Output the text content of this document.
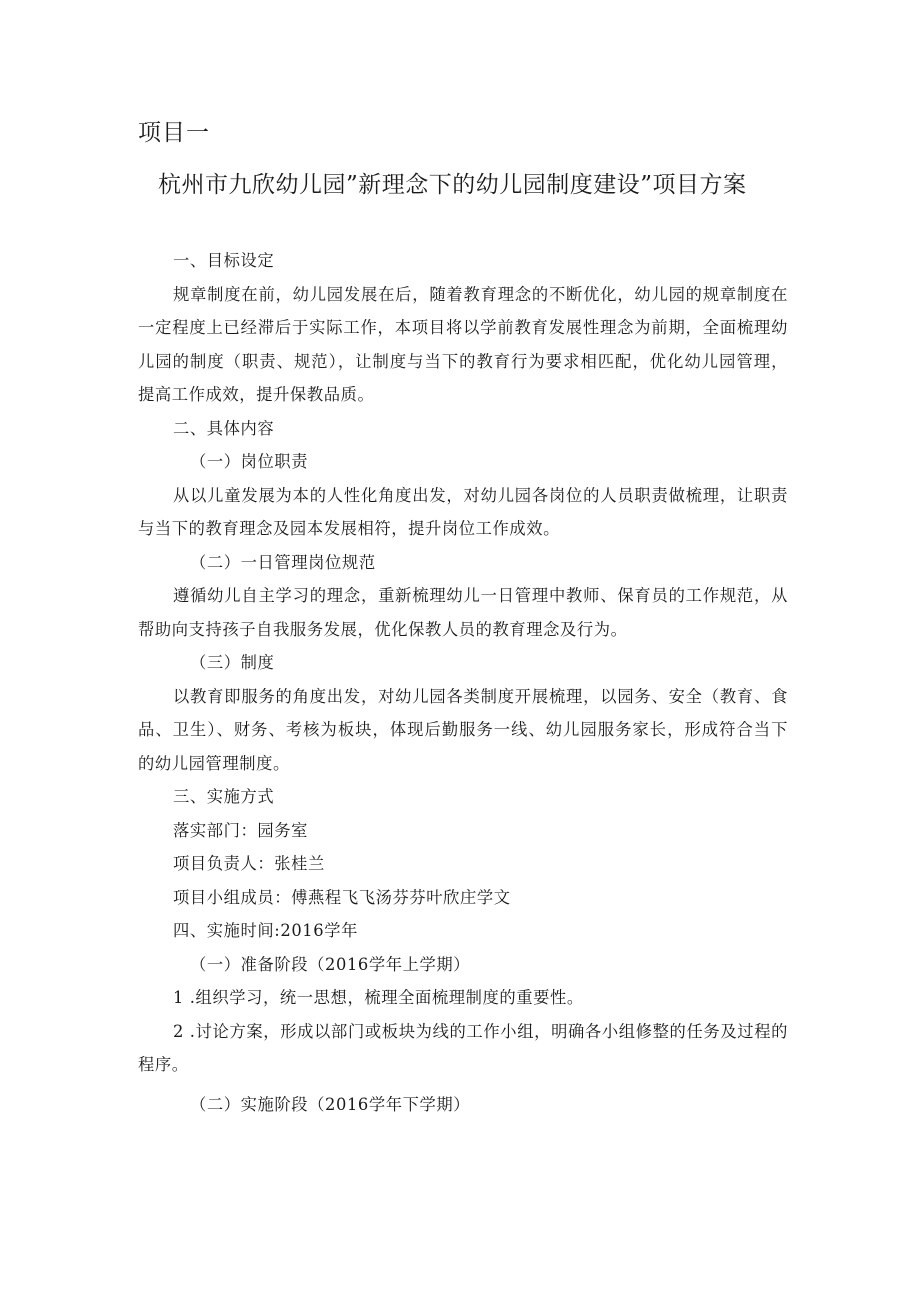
项目一
杭州市九欣幼儿园”新理念下的幼儿园制度建设”项目方案

一、目标设定

规章制度在前，幼儿园发展在后，随着教育理念的不断优化，幼儿园的规章制度在一定程度上已经滞后于实际工作，本项目将以学前教育发展性理念为前期，全面梳理幼儿园的制度（职责、规范），让制度与当下的教育行为要求相匹配，优化幼儿园管理，提高工作成效，提升保教品质。

二、具体内容

（一）岗位职责

从以儿童发展为本的人性化角度出发，对幼儿园各岗位的人员职责做梳理，让职责与当下的教育理念及园本发展相符，提升岗位工作成效。

（二）一日管理岗位规范

遵循幼儿自主学习的理念，重新梳理幼儿一日管理中教师、保育员的工作规范，从帮助向支持孩子自我服务发展，优化保教人员的教育理念及行为。

（三）制度

以教育即服务的角度出发，对幼儿园各类制度开展梳理，以园务、安全（教育、食品、卫生）、财务、考核为板块，体现后勤服务一线、幼儿园服务家长，形成符合当下的幼儿园管理制度。

三、实施方式

落实部门：园务室

项目负责人：张桂兰

项目小组成员：傅燕程飞飞汤芬芬叶欣庄学文

四、实施时间:2016学年

（一）准备阶段（2016学年上学期）

1 .组织学习，统一思想，梳理全面梳理制度的重要性。

2 .讨论方案，形成以部门或板块为线的工作小组，明确各小组修整的任务及过程的程序。

（二）实施阶段（2016学年下学期）
